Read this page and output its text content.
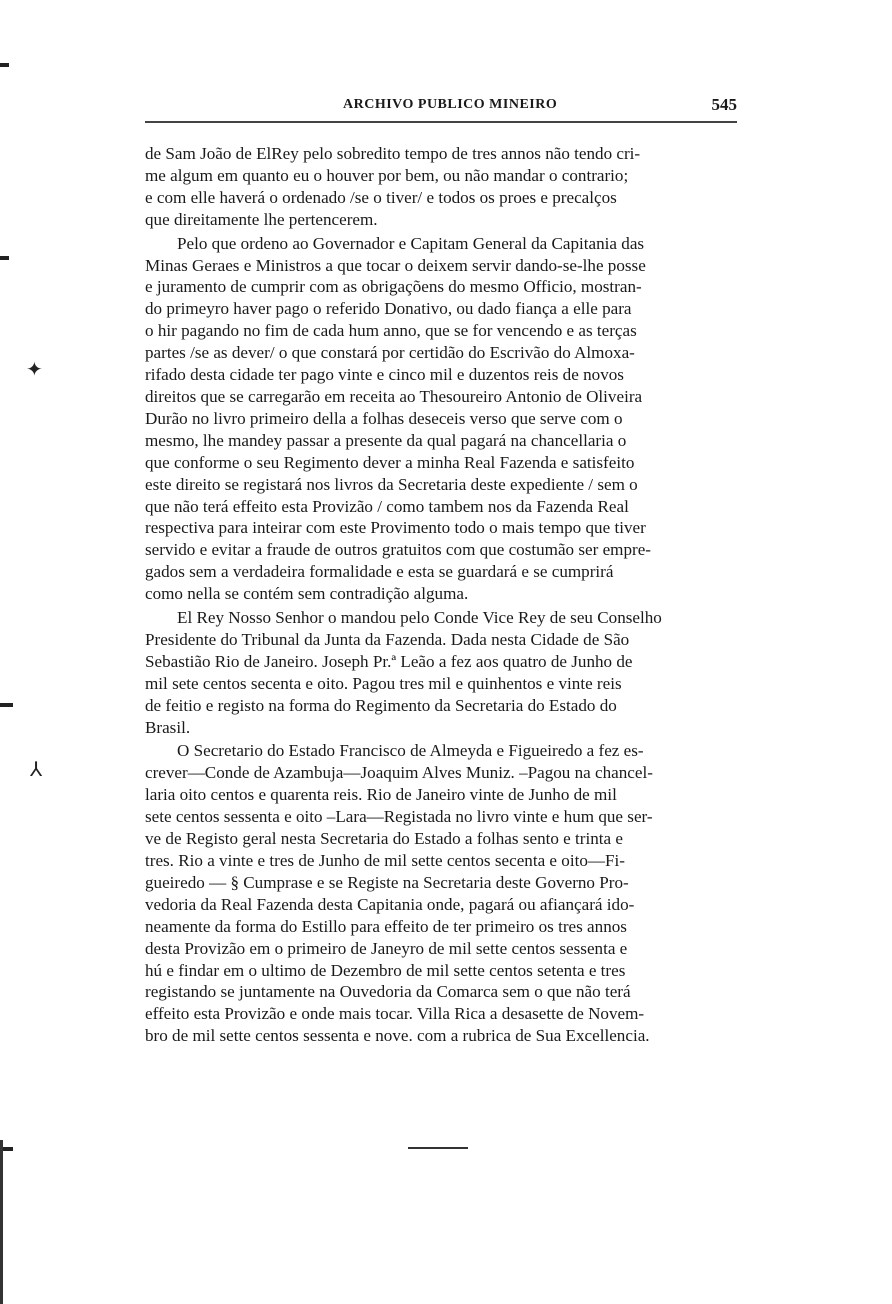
ARCHIVO PUBLICO MINEIRO	545

de Sam João de ElRey pelo sobredito tempo de tres annos não tendo cri-
me algum em quanto eu o houver por bem, ou não mandar o contrario;
e com elle haverá o ordenado /se o tiver/ e todos os proes e precalços
que direitamente lhe pertencerem.

Pelo que ordeno ao Governador e Capitam General da Capitania das
Minas Geraes e Ministros a que tocar o deixem servir dando-se-lhe posse
e juramento de cumprir com as obrigaçõens do mesmo Officio, mostran-
do primeyro haver pago o referido Donativo, ou dado fiança a elle para
o hir pagando no fim de cada hum anno, que se for vencendo e as terças
partes /se as dever/ o que constará por certidão do Escrivão do Almoxa-
rifado desta cidade ter pago vinte e cinco mil e duzentos reis de novos
direitos que se carregarão em receita ao Thesoureiro Antonio de Oliveira
Durão no livro primeiro della a folhas deseceis verso que serve com o
mesmo, lhe mandey passar a presente da qual pagará na chancellaria o
que conforme o seu Regimento dever a minha Real Fazenda e satisfeito
este direito se registará nos livros da Secretaria deste expediente / sem o
que não terá effeito esta Provizão / como tambem nos da Fazenda Real
respectiva para inteirar com este Provimento todo o mais tempo que tiver
servido e evitar a fraude de outros gratuitos com que costumão ser empre-
gados sem a verdadeira formalidade e esta se guardará e se cumprirá
como nella se contém sem contradição alguma.

El Rey Nosso Senhor o mandou pelo Conde Vice Rey de seu Conselho
Presidente do Tribunal da Junta da Fazenda. Dada nesta Cidade de São
Sebastião Rio de Janeiro. Joseph Pr.ª Leão a fez aos quatro de Junho de
mil sete centos secenta e oito. Pagou tres mil e quinhentos e vinte reis
de feitio e registo na forma do Regimento da Secretaria do Estado do
Brasil.

O Secretario do Estado Francisco de Almeyda e Figueiredo a fez es-
crever—Conde de Azambuja—Joaquim Alves Muniz. –Pagou na chancel-
laria oito centos e quarenta reis. Rio de Janeiro vinte de Junho de mil
sete centos sessenta e oito –Lara—Registada no livro vinte e hum que ser-
ve de Registo geral nesta Secretaria do Estado a folhas sento e trinta e
tres. Rio a vinte e tres de Junho de mil sette centos secenta e oito—Fi-
gueiredo — § Cumprase e se Registe na Secretaria deste Governo Pro-
vedoria da Real Fazenda desta Capitania onde, pagará ou afiançará ido-
neamente da forma do Estillo para effeito de ter primeiro os tres annos
desta Provizão em o primeiro de Janeyro de mil sette centos sessenta e
hú e findar em o ultimo de Dezembro de mil sette centos setenta e tres
registando se juntamente na Ouvedoria da Comarca sem o que não terá
effeito esta Provizão e onde mais tocar. Villa Rica a desasette de Novem-
bro de mil sette centos sessenta e nove. com a rubrica de Sua Excellencia.

✦
⅄
